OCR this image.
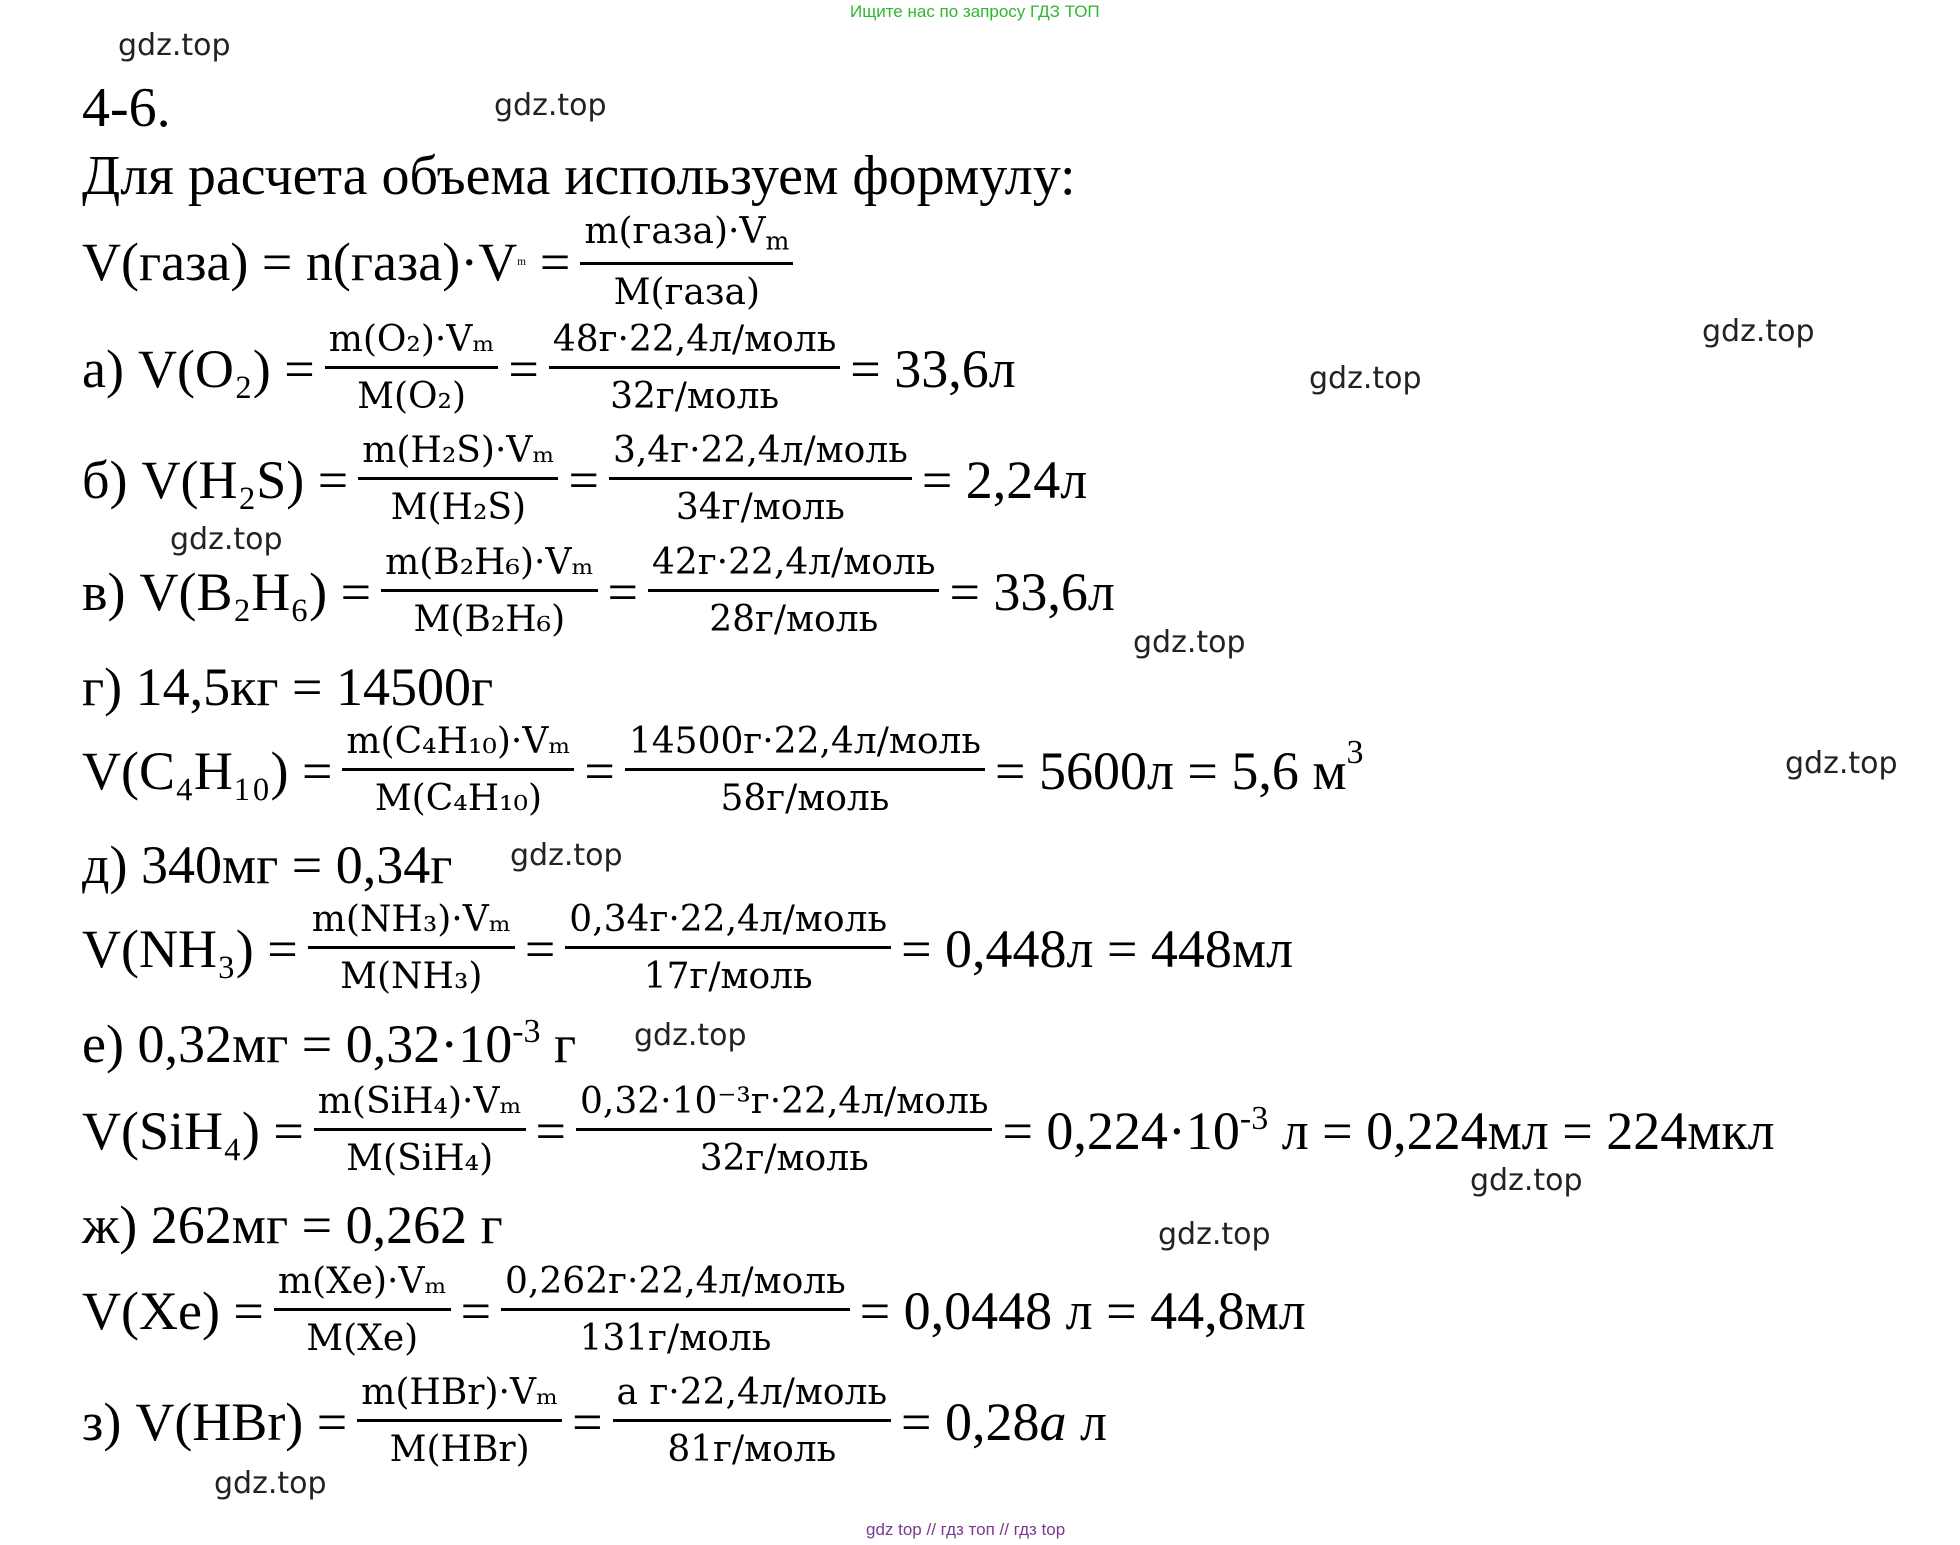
Ищите нас по запросу ГДЗ ТОП
gdz top // гдз топ // гдз top
gdz.top
gdz.top
gdz.top
gdz.top
gdz.top
gdz.top
gdz.top
gdz.top
gdz.top
gdz.top
gdz.top
gdz.top
4-6.
Для расчета объема используем формулу:
V(газа) = n(газа)·V $m = \frac{\text{m(газа)·Vm}}{\text{M(газа)}}$
а) $V(O_2) = \frac{\text{m(O₂)·Vₘ}}{\text{M(O₂)}} = \frac{\text{48г·22,4л/моль}}{\text{32г/моль}} = 33,6л$
б) $V(H_2S) = \frac{\text{m(H₂S)·Vₘ}}{\text{M(H₂S)}} = \frac{\text{3,4г·22,4л/моль}}{\text{34г/моль}} = 2,24л$
в) $V(B_2H_6) = \frac{\text{m(B₂H₆)·Vₘ}}{\text{M(B₂H₆)}} = \frac{\text{42г·22,4л/моль}}{\text{28г/моль}} = 33,6л$
г) 14,5кг = 14500г
$V(C_4H_{10}) = \frac{\text{m(C₄H₁₀)·Vₘ}}{\text{M(C₄H₁₀)}} = \frac{\text{14500г·22,4л/моль}}{\text{58г/моль}} = 5600л = 5,6$ м 3
д) 340мг = 0,34г
$V(NH_3) = \frac{\text{m(NH₃)·Vₘ}}{\text{M(NH₃)}} = \frac{\text{0,34г·22,4л/моль}}{\text{17г/моль}} = 0,448л = 448мл$
е) $0,32мг = 0,32\cdot 10^{-3}$ г
$V(SiH_4) = \frac{\text{m(SiH₄)·Vₘ}}{\text{M(SiH₄)}} = \frac{\text{0,32·10⁻³г·22,4л/моль}}{\text{32г/моль}} = 0,224\cdot 10^{-3}$ л = 0,224мл = 224мкл
ж) 262мг = 0,262 г
$V(Xe) = \frac{\text{m(Xe)·Vₘ}}{M(Xe)} = \frac{\text{0,262г·22,4л/моль}}{\text{131г/моль}} = 0,0448$ л = 44,8мл
з) $V(HBr) = \frac{\text{m(HBr)·Vₘ}}{\text{M(HBr)}} = \frac{\text{a г·22,4л/моль}}{\text{81г/моль}} = 0,28a$ л
